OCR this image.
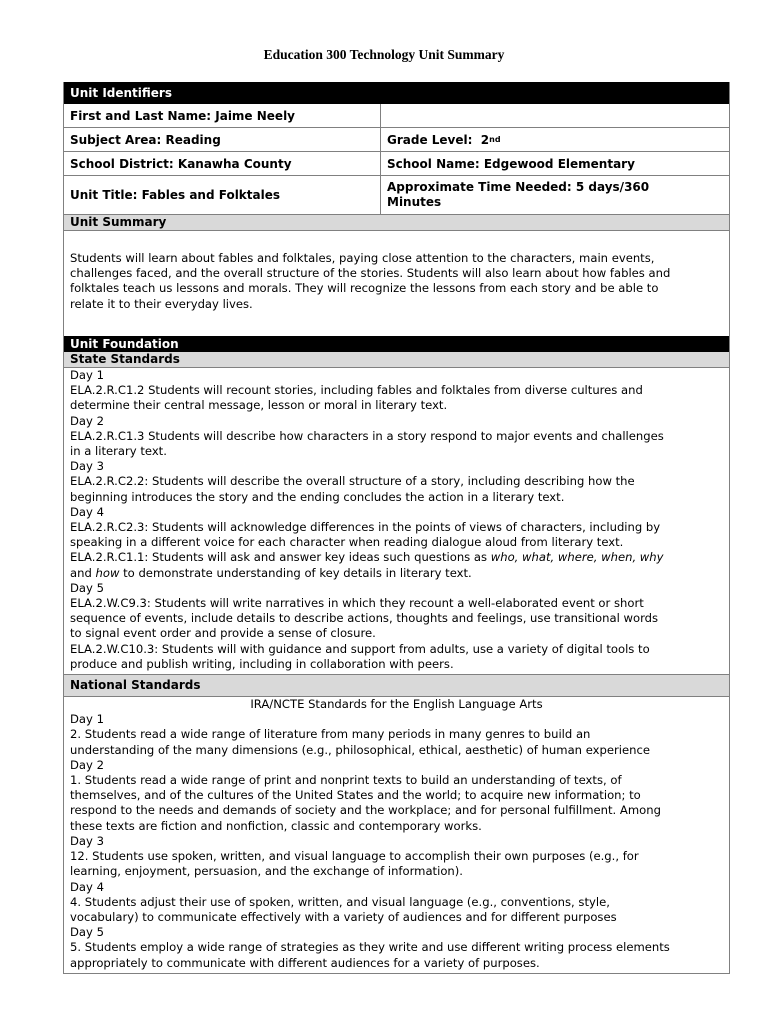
Education 300 Technology Unit Summary
Unit Identifiers
First and Last Name: Jaime Neely
Subject Area: Reading	Grade Level:  2 nd
School District: Kanawha County	School Name: Edgewood Elementary
Unit Title: Fables and Folktales
Approximate Time Needed: 5 days/360
Minutes
Unit Summary
Students will learn about fables and folktales, paying close attention to the characters, main events,
challenges faced, and the overall structure of the stories. Students will also learn about how fables and
folktales teach us lessons and morals. They will recognize the lessons from each story and be able to
relate it to their everyday lives.
Unit Foundation
State Standards
Day 1
ELA.2.R.C1.2 Students will recount stories, including fables and folktales from diverse cultures and
determine their central message, lesson or moral in literary text.
Day 2
ELA.2.R.C1.3 Students will describe how characters in a story respond to major events and challenges
in a literary text.
Day 3
ELA.2.R.C2.2: Students will describe the overall structure of a story, including describing how the
beginning introduces the story and the ending concludes the action in a literary text.
Day 4
ELA.2.R.C2.3: Students will acknowledge differences in the points of views of characters, including by
speaking in a different voice for each character when reading dialogue aloud from literary text.
ELA.2.R.C1.1: Students will ask and answer key ideas such questions as who, what, where, when, why
and how to demonstrate understanding of key details in literary text.
Day 5
ELA.2.W.C9.3: Students will write narratives in which they recount a well-elaborated event or short
sequence of events, include details to describe actions, thoughts and feelings, use transitional words
to signal event order and provide a sense of closure.
ELA.2.W.C10.3: Students will with guidance and support from adults, use a variety of digital tools to
produce and publish writing, including in collaboration with peers.
National Standards
IRA/NCTE Standards for the English Language Arts
Day 1
2. Students read a wide range of literature from many periods in many genres to build an
understanding of the many dimensions (e.g., philosophical, ethical, aesthetic) of human experience
Day 2
1. Students read a wide range of print and nonprint texts to build an understanding of texts, of
themselves, and of the cultures of the United States and the world; to acquire new information; to
respond to the needs and demands of society and the workplace; and for personal fulfillment. Among
these texts are fiction and nonfiction, classic and contemporary works.
Day 3
12. Students use spoken, written, and visual language to accomplish their own purposes (e.g., for
learning, enjoyment, persuasion, and the exchange of information).
Day 4
4. Students adjust their use of spoken, written, and visual language (e.g., conventions, style,
vocabulary) to communicate effectively with a variety of audiences and for different purposes
Day 5
5. Students employ a wide range of strategies as they write and use different writing process elements
appropriately to communicate with different audiences for a variety of purposes.
